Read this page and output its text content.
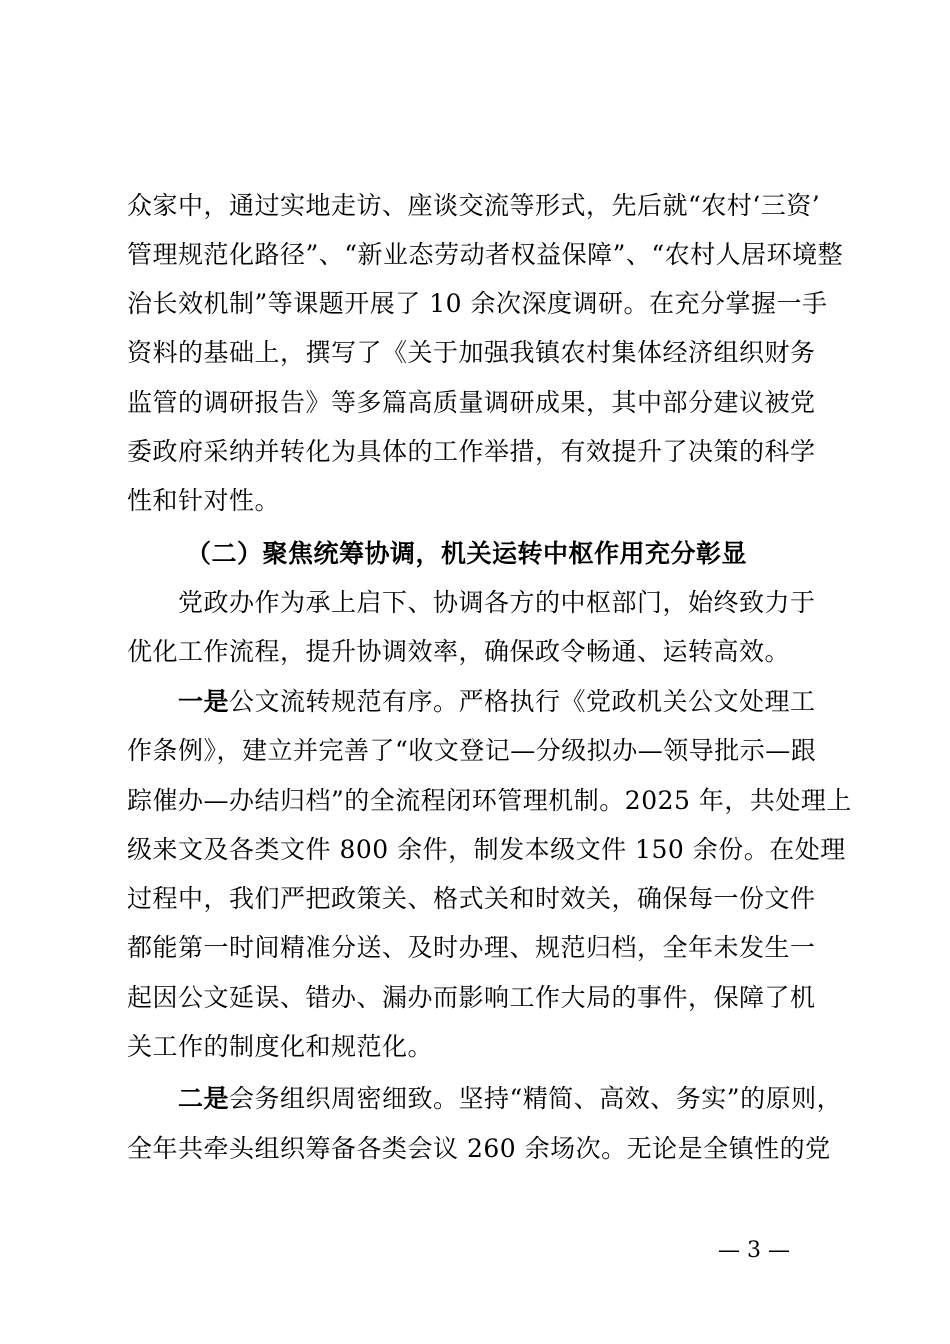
众家中，通过实地走访、座谈交流等形式，先后就“农村‘三资’
管理规范化路径”、“新业态劳动者权益保障”、“农村人居环境整
治长效机制”等课题开展了 10 余次深度调研。在充分掌握一手
资料的基础上，撰写了《关于加强我镇农村集体经济组织财务
监管的调研报告》等多篇高质量调研成果，其中部分建议被党
委政府采纳并转化为具体的工作举措，有效提升了决策的科学
性和针对性。
（二）聚焦统筹协调，机关运转中枢作用充分彰显
党政办作为承上启下、协调各方的中枢部门，始终致力于
优化工作流程，提升协调效率，确保政令畅通、运转高效。
一是公文流转规范有序。严格执行《党政机关公文处理工
作条例》，建立并完善了“收文登记—分级拟办—领导批示—跟
踪催办—办结归档”的全流程闭环管理机制。2025 年，共处理上
级来文及各类文件 800 余件，制发本级文件 150 余份。在处理
过程中，我们严把政策关、格式关和时效关，确保每一份文件
都能第一时间精准分送、及时办理、规范归档，全年未发生一
起因公文延误、错办、漏办而影响工作大局的事件，保障了机
关工作的制度化和规范化。
二是会务组织周密细致。坚持“精简、高效、务实”的原则，
全年共牵头组织筹备各类会议 260 余场次。无论是全镇性的党
— 3 —
